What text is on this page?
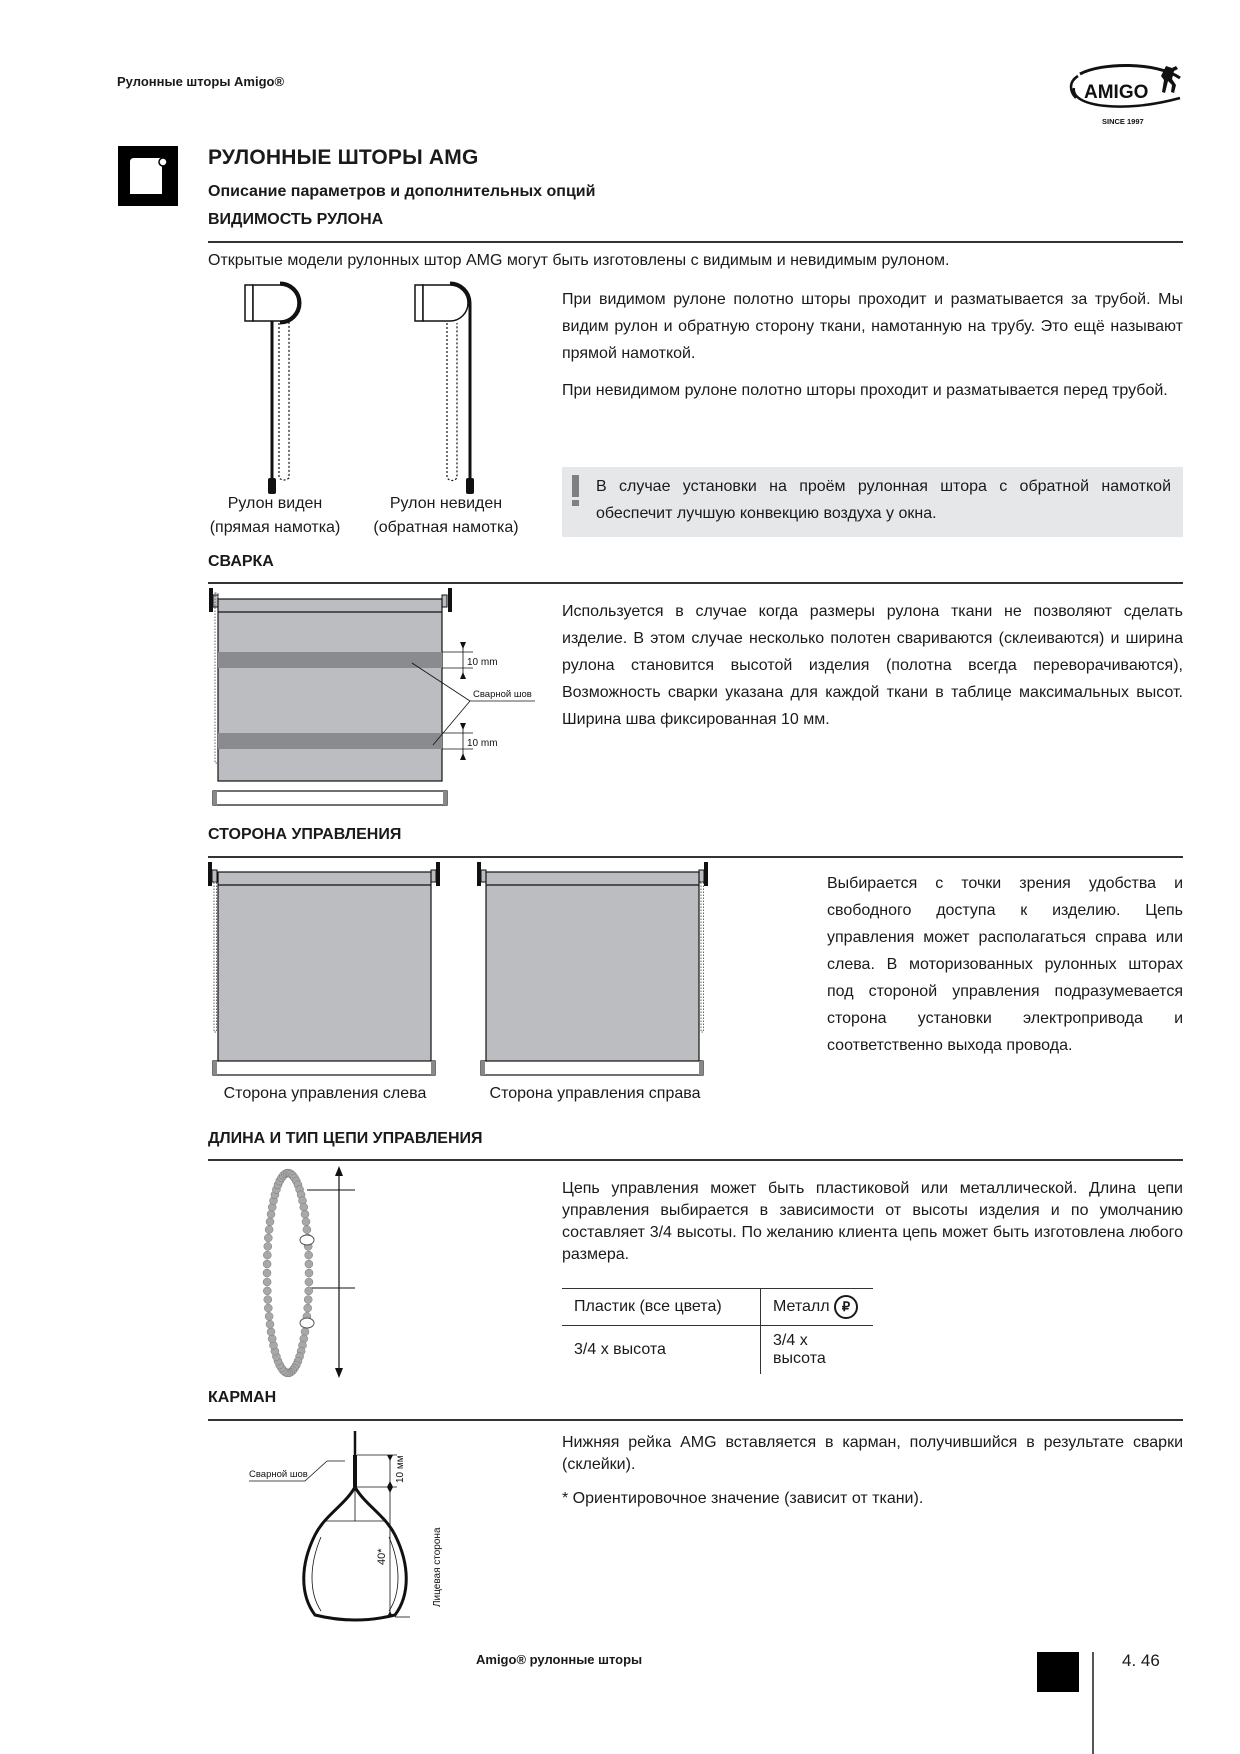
Рулонные шторы Amigo®
AMIGO
SINCE 1997
РУЛОННЫЕ ШТОРЫ AMG
Описание параметров и дополнительных опций
ВИДИМОСТЬ РУЛОНА
Открытые модели рулонных штор AMG могут быть изготовлены с видимым и невидимым рулоном.
Рулон виден
(прямая намотка)
Рулон невиден
(обратная намотка)
При видимом рулоне полотно шторы проходит и разматывается за трубой. Мы видим рулон и обратную сторону ткани, намотанную на трубу. Это ещё называют прямой намоткой.
При невидимом рулоне полотно шторы проходит и разматывается перед трубой.
В случае установки на проём рулонная штора с обратной намоткой обеспечит лучшую конвекцию воздуха у окна.
СВАРКА
10 mm
10 mm
Сварной шов
Используется в случае когда размеры рулона ткани не позволяют сделать изделие. В этом случае несколько полотен свариваются (склеиваются) и ширина рулона становится высотой изделия (полотна всегда переворачиваются), Возможность сварки указана для каждой ткани в таблице максимальных высот. Ширина шва фиксированная 10 мм.
СТОРОНА УПРАВЛЕНИЯ
Сторона управления слева	Сторона управления справа
Выбирается с точки зрения удобства и свободного доступа к изделию. Цепь управления может располагаться справа или слева. В моторизованных рулонных шторах под стороной управления подразумевается сторона установки электропривода и соответственно выхода провода.
ДЛИНА И ТИП ЦЕПИ УПРАВЛЕНИЯ
Цепь управления может быть пластиковой или металлической. Длина цепи управления выбирается в зависимости от высоты изделия и по умолчанию составляет 3/4 высоты. По желанию клиента цепь может быть изготовлена любого размера.
Пластик (все цвета)	Металл ₽
3/4 x высота	3/4 x высота
КАРМАН
10 мм
40*	Лицевая сторона
Сварной шов
Нижняя рейка AMG вставляется в карман, получившийся в результате сварки (склейки).
* Ориентировочное значение (зависит от ткани).
Amigo® рулонные шторы	4. 46
